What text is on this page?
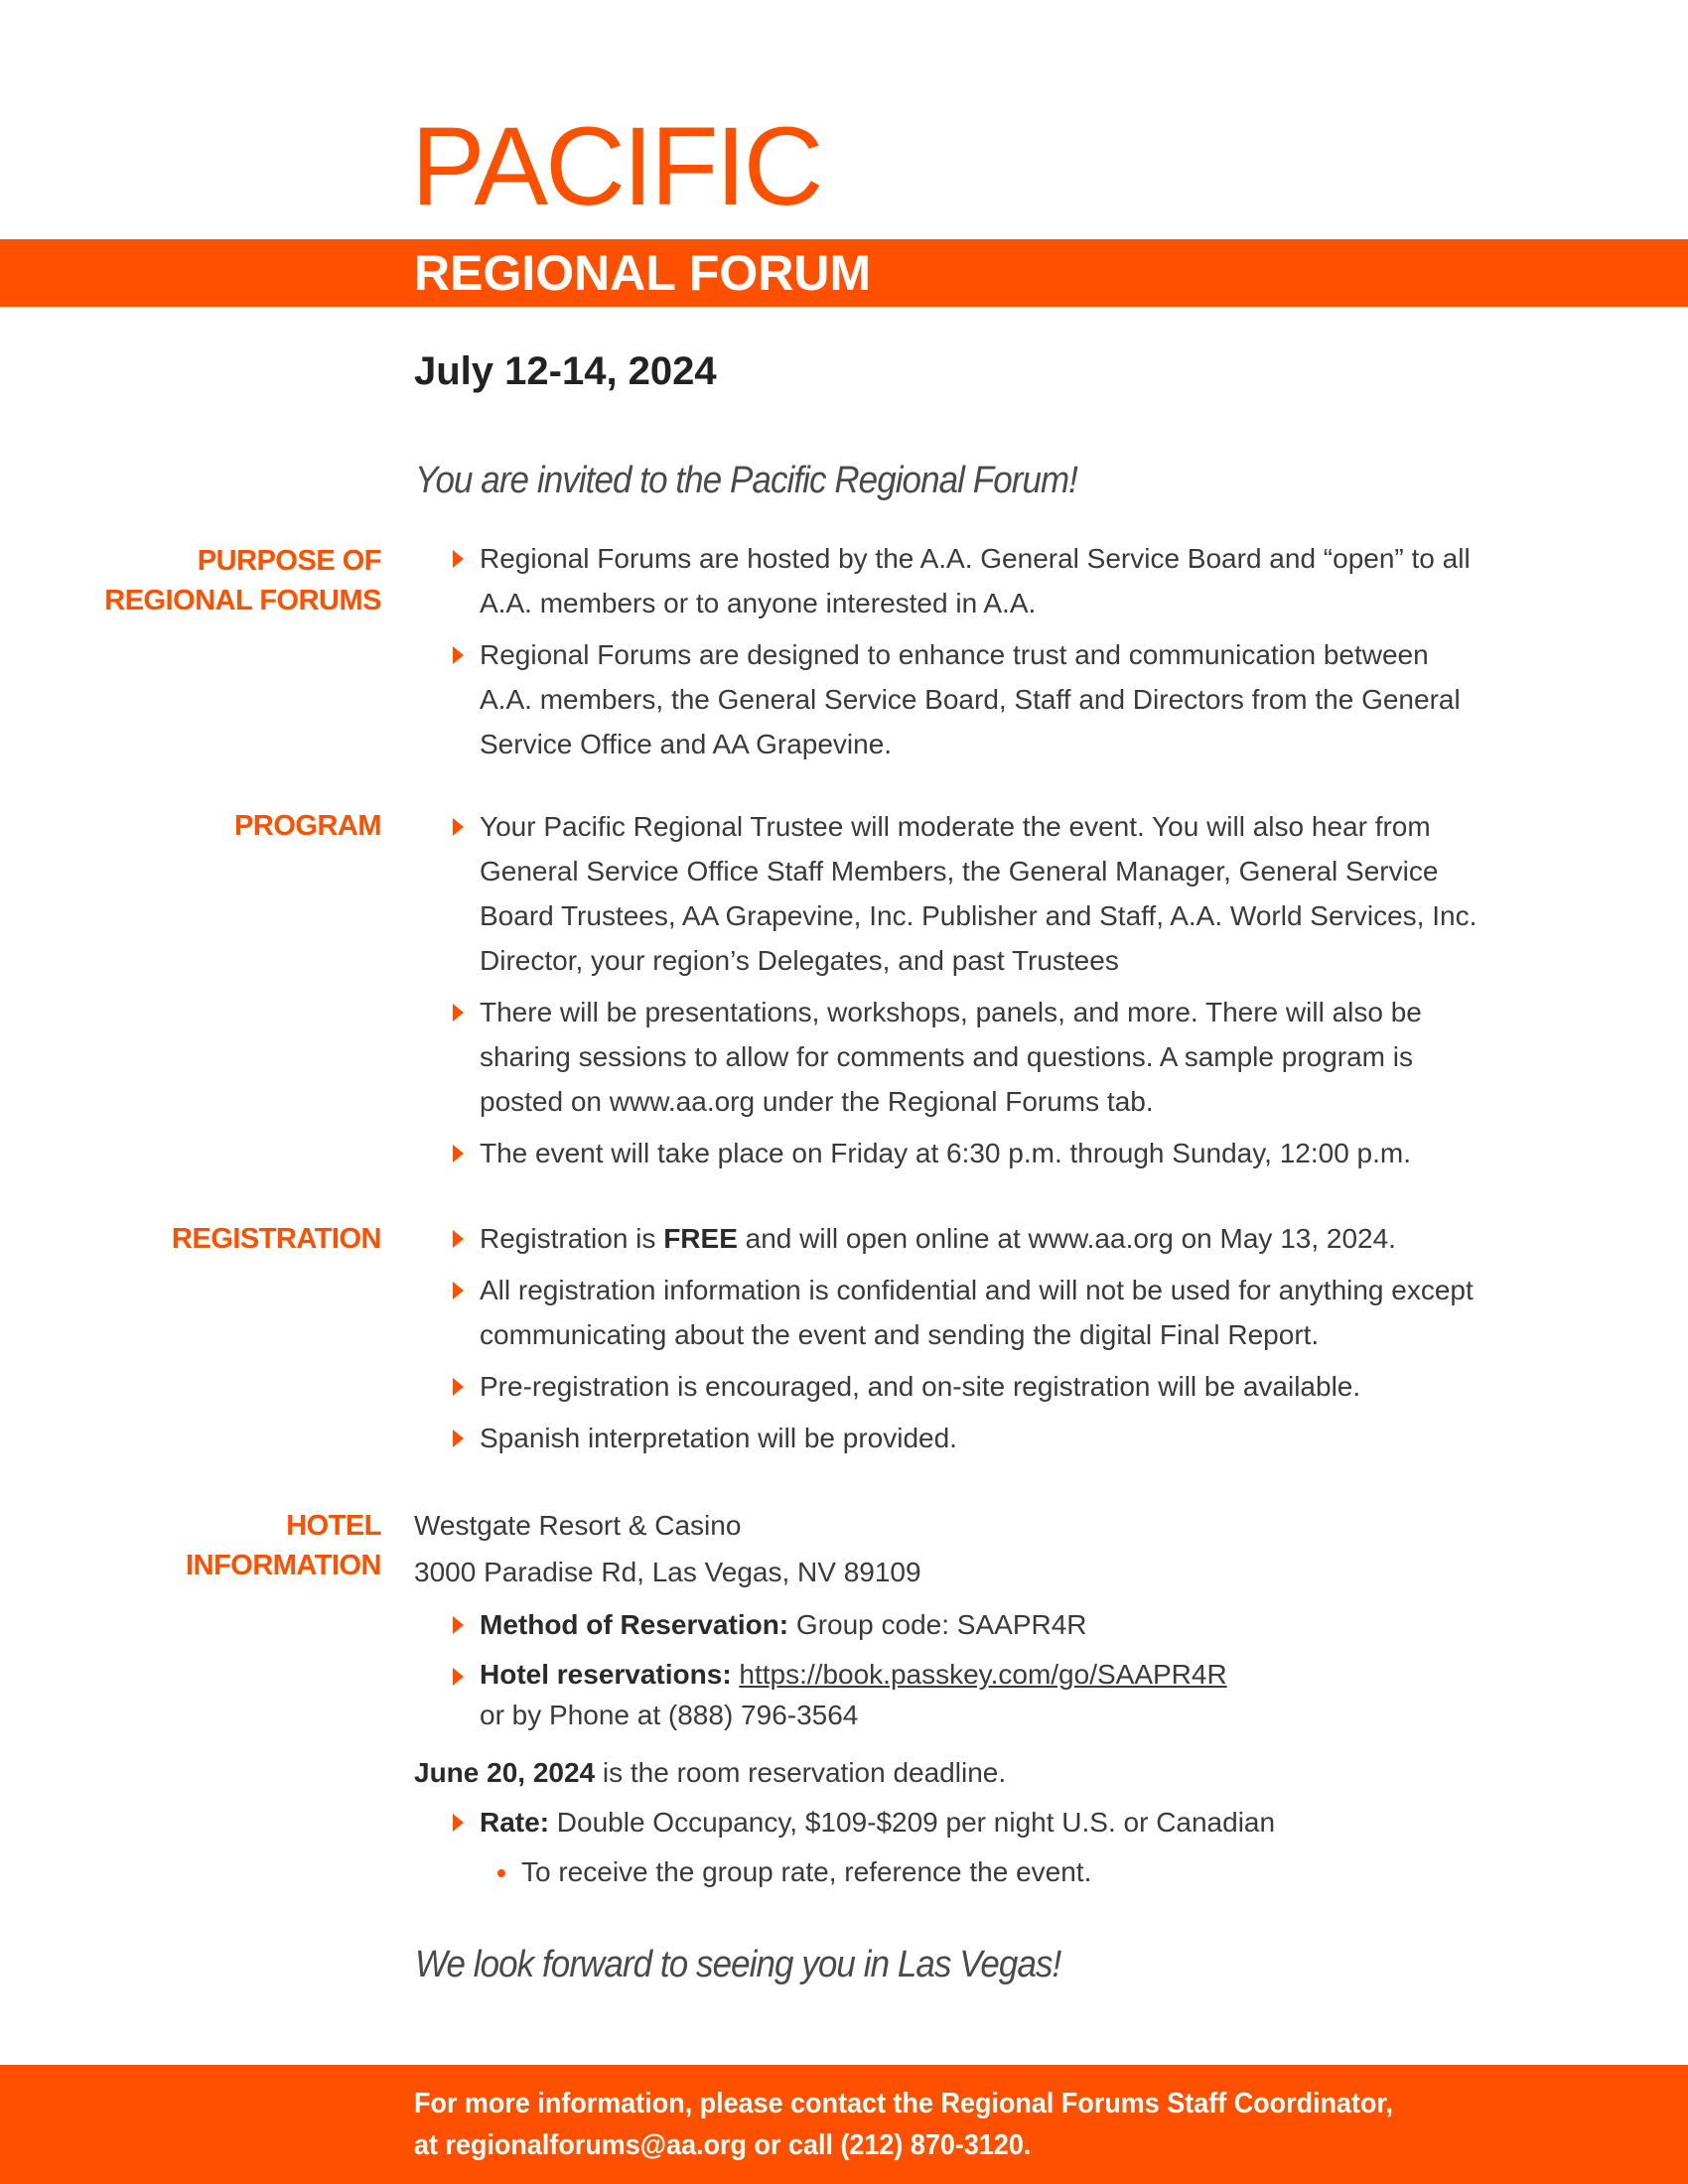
PACIFIC
REGIONAL FORUM
July 12-14, 2024
You are invited to the Pacific Regional Forum!
PURPOSE OF
REGIONAL FORUMS
Regional Forums are hosted by the A.A. General Service Board and “open” to all
A.A. members or to anyone interested in A.A.
Regional Forums are designed to enhance trust and communication between
A.A. members, the General Service Board, Staff and Directors from the General
Service Office and AA Grapevine.
PROGRAM	Your Pacific Regional Trustee will moderate the event. You will also hear from
General Service Office Staff Members, the General Manager, General Service
Board Trustees, AA Grapevine, Inc. Publisher and Staff, A.A. World Services, Inc.
Director, your region’s Delegates, and past Trustees
There will be presentations, workshops, panels, and more. There will also be
sharing sessions to allow for comments and questions. A sample program is
posted on www.aa.org under the Regional Forums tab.
The event will take place on Friday at 6:30 p.m. through Sunday, 12:00 p.m.
REGISTRATION	Registration is FREE and will open online at www.aa.org on May 13, 2024.
All registration information is confidential and will not be used for anything except
communicating about the event and sending the digital Final Report.
Pre-registration is encouraged, and on-site registration will be available.
Spanish interpretation will be provided.
HOTEL
INFORMATION
Westgate Resort & Casino
3000 Paradise Rd, Las Vegas, NV 89109
Method of Reservation: Group code: SAAPR4R
Hotel reservations: https://book.passkey.com/go/SAAPR4R
or by Phone at (888) 796-3564
June 20, 2024 is the room reservation deadline.
Rate: Double Occupancy, $109-$209 per night U.S. or Canadian
To receive the group rate, reference the event.
We look forward to seeing you in Las Vegas!
For more information, please contact the Regional Forums Staff Coordinator,
at regionalforums@aa.org or call (212) 870-3120.
